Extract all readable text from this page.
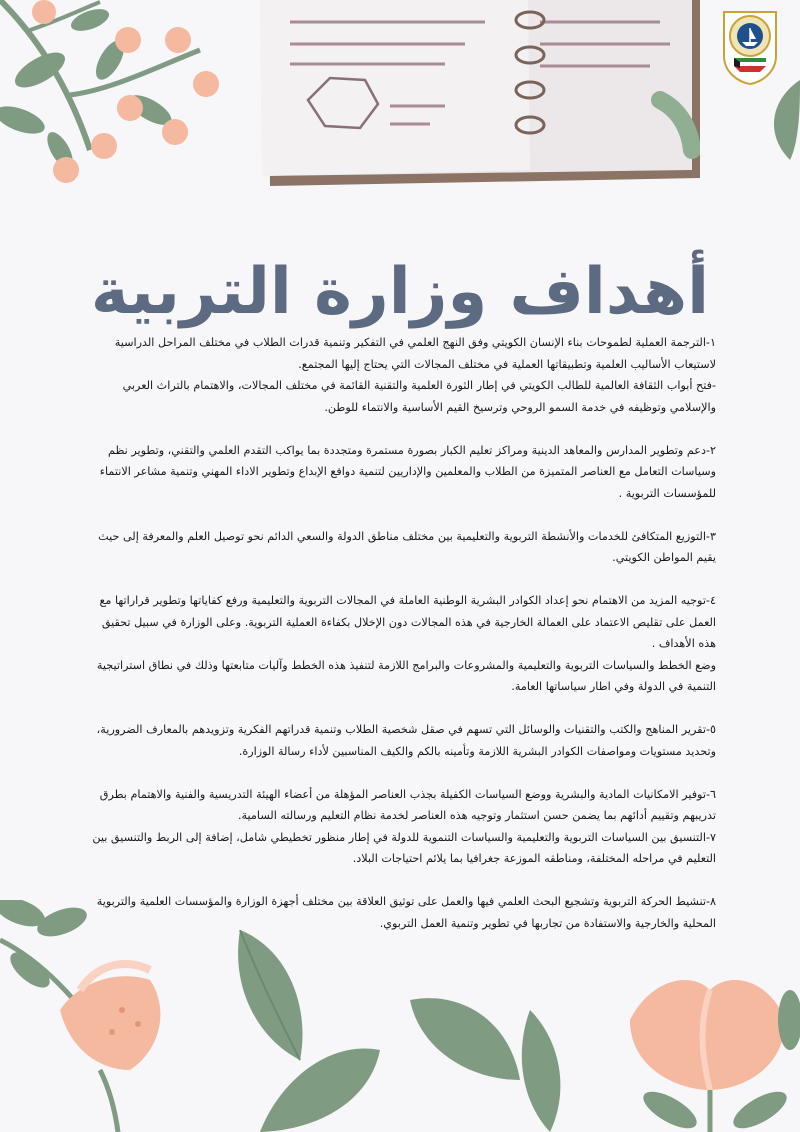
أهداف وزارة التربية

١-الترجمة العملية لطموحات بناء الإنسان الكويتي وفق النهج العلمي في التفكير وتنمية قدرات الطلاب في مختلف المراحل الدراسية لاستيعاب الأساليب العلمية وتطبيقاتها العملية في مختلف المجالات التي يحتاج إليها المجتمع.
-فتح أبواب الثقافة العالمية للطالب الكويتي في إطار الثورة العلمية والتقنية القائمة في مختلف المجالات، والاهتمام بالتراث العربي والإسلامي وتوظيفه في خدمة السمو الروحي وترسيخ القيم الأساسية والانتماء للوطن.

٢-دعم وتطوير المدارس والمعاهد الدينية ومراكز تعليم الكبار بصورة مستمرة ومتجددة بما يواكب التقدم العلمي والتقني، وتطوير نظم وسياسات التعامل مع العناصر المتميزة من الطلاب والمعلمين والإداريين لتنمية دوافع الإبداع وتطوير الاداء المهني وتنمية مشاعر الانتماء للمؤسسات التربوية .

٣-التوزيع المتكافئ للخدمات والأنشطة التربوية والتعليمية بين مختلف مناطق الدولة والسعي الدائم نحو توصيل العلم والمعرفة إلى حيث يقيم المواطن الكويتي.

٤-توجيه المزيد من الاهتمام نحو إعداد الكوادر البشرية الوطنية العاملة في المجالات التربوية والتعليمية ورفع كفاياتها وتطوير قراراتها مع العمل على تقليص الاعتماد على العمالة الخارجية في هذه المجالات دون الإخلال بكفاءة العملية التربوية. وعلى الوزارة في سبيل تحقيق هذه الأهداف .
وضع الخطط والسياسات التربوية والتعليمية والمشروعات والبرامج اللازمة لتنفيذ هذه الخطط وآليات متابعتها وذلك في نطاق استراتيجية التنمية في الدولة وفي اطار سياساتها العامة.

٥-تقرير المناهج والكتب والتقنيات والوسائل التي تسهم في صقل شخصية الطلاب وتنمية قدراتهم الفكرية وتزويدهم بالمعارف الضرورية، وتحديد مستويات ومواصفات الكوادر البشرية اللازمة وتأمينه بالكم والكيف المناسبين لأداء رسالة الوزارة.

٦-توفير الامكانيات المادية والبشرية ووضع السياسات الكفيلة بجذب العناصر المؤهلة من أعضاء الهيئة التدريسية والفنية والاهتمام بطرق تدريبهم وتقييم أدائهم بما يضمن حسن استثمار وتوجيه هذه العناصر لخدمة نظام التعليم ورسالته السامية.
٧-التنسيق بين السياسات التربوية والتعليمية والسياسات التنموية للدولة في إطار منظور تخطيطي شامل، إضافة إلى الربط والتنسيق بين التعليم في مراحله المختلفة، ومناطقه الموزعة جغرافيا بما يلائم احتياجات البلاد.

٨-تنشيط الحركة التربوية وتشجيع البحث العلمي فيها والعمل على توثيق العلاقة بين مختلف أجهزة الوزارة والمؤسسات العلمية والتربوية المحلية والخارجية والاستفادة من تجاربها في تطوير وتنمية العمل التربوي.
